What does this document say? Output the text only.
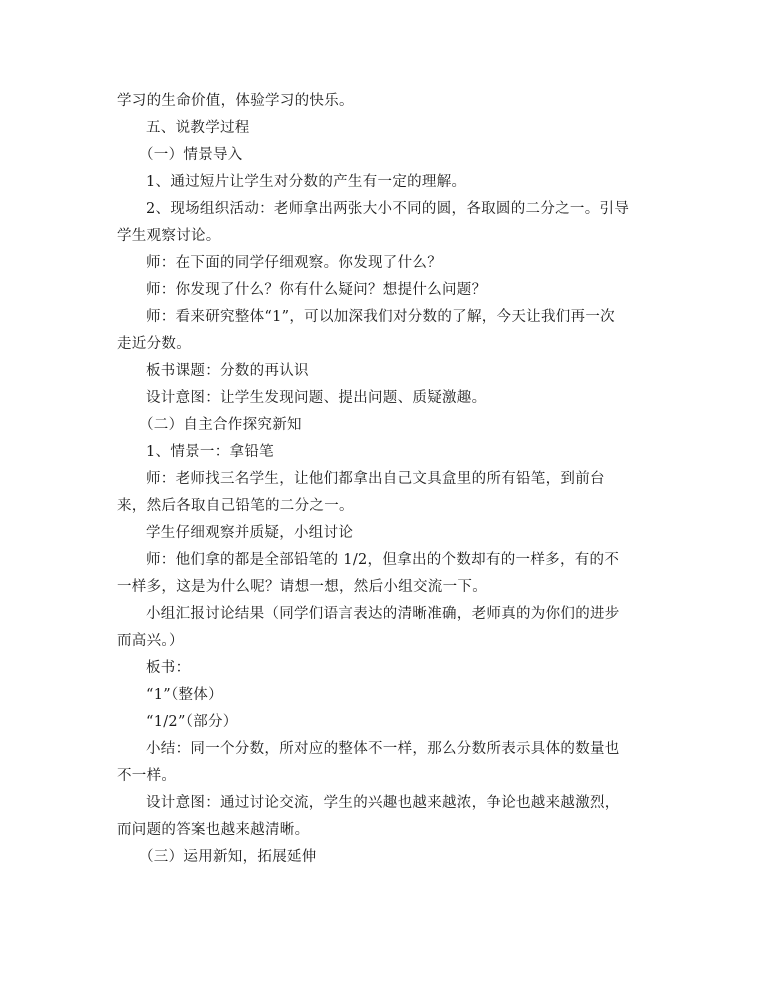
学习的生命价值，体验学习的快乐。
五、说教学过程
（一）情景导入
1、通过短片让学生对分数的产生有一定的理解。
2、现场组织活动：老师拿出两张大小不同的圆，各取圆的二分之一。引导
学生观察讨论。
师：在下面的同学仔细观察。你发现了什么？
师：你发现了什么？你有什么疑问？想提什么问题？
师：看来研究整体“1”，可以加深我们对分数的了解，今天让我们再一次
走近分数。
板书课题：分数的再认识
设计意图：让学生发现问题、提出问题、质疑激趣。
（二）自主合作探究新知
1、情景一：拿铅笔
师：老师找三名学生，让他们都拿出自己文具盒里的所有铅笔，到前台
来，然后各取自己铅笔的二分之一。
学生仔细观察并质疑，小组讨论
师：他们拿的都是全部铅笔的 1/2，但拿出的个数却有的一样多，有的不
一样多，这是为什么呢？请想一想，然后小组交流一下。
小组汇报讨论结果（同学们语言表达的清晰准确，老师真的为你们的进步
而高兴。）
板书：
“1”（整体）
“1/2”（部分）
小结：同一个分数，所对应的整体不一样，那么分数所表示具体的数量也
不一样。
设计意图：通过讨论交流，学生的兴趣也越来越浓，争论也越来越激烈，
而问题的答案也越来越清晰。
（三）运用新知，拓展延伸
